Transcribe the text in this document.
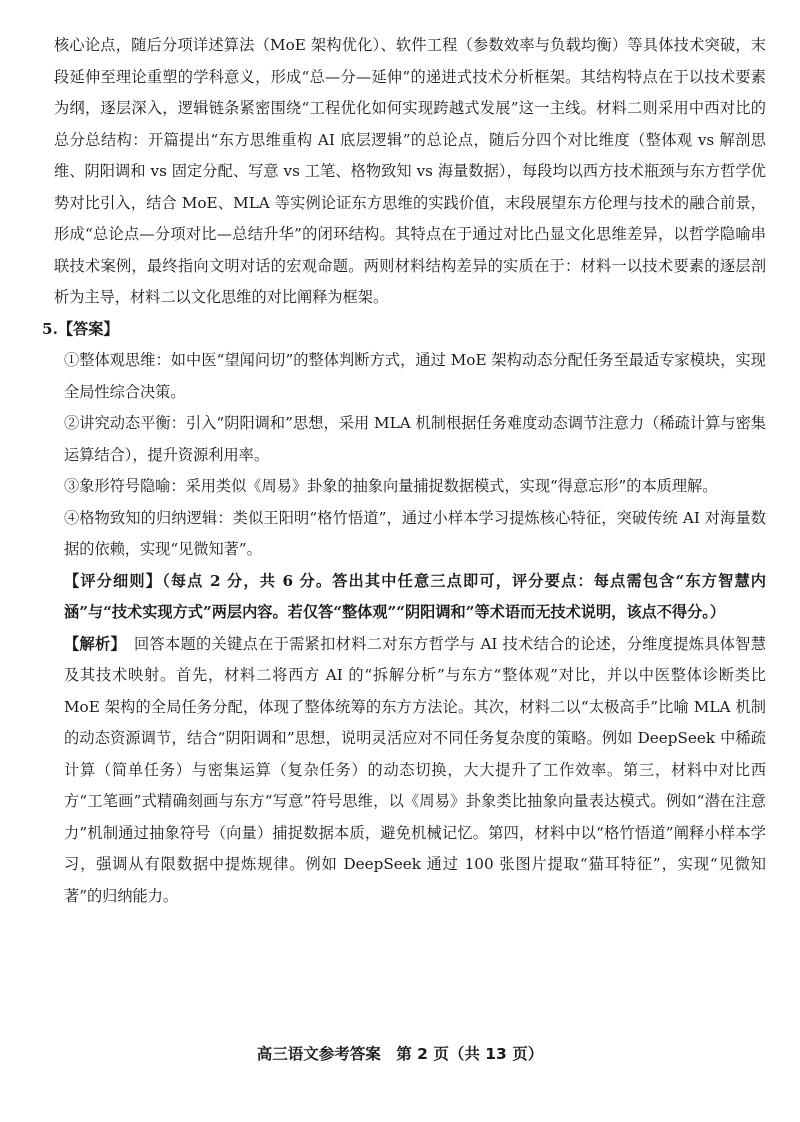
核心论点，随后分项详述算法（MoE 架构优化）、软件工程（参数效率与负载均衡）等具体技术突破，末段延伸至理论重塑的学科意义，形成“总—分—延伸”的递进式技术分析框架。其结构特点在于以技术要素为纲，逐层深入，逻辑链条紧密围绕“工程优化如何实现跨越式发展”这一主线。材料二则采用中西对比的总分总结构：开篇提出“东方思维重构 AI 底层逻辑”的总论点，随后分四个对比维度（整体观 vs 解剖思维、阴阳调和 vs 固定分配、写意 vs 工笔、格物致知 vs 海量数据），每段均以西方技术瓶颈与东方哲学优势对比引入，结合 MoE、MLA 等实例论证东方思维的实践价值，末段展望东方伦理与技术的融合前景，形成“总论点—分项对比—总结升华”的闭环结构。其特点在于通过对比凸显文化思维差异，以哲学隐喻串联技术案例，最终指向文明对话的宏观命题。两则材料结构差异的实质在于：材料一以技术要素的逐层剖析为主导，材料二以文化思维的对比阐释为框架。

5.【答案】

①整体观思维：如中医“望闻问切”的整体判断方式，通过 MoE 架构动态分配任务至最适专家模块，实现全局性综合决策。

②讲究动态平衡：引入“阴阳调和”思想，采用 MLA 机制根据任务难度动态调节注意力（稀疏计算与密集运算结合），提升资源利用率。

③象形符号隐喻：采用类似《周易》卦象的抽象向量捕捉数据模式，实现“得意忘形”的本质理解。

④格物致知的归纳逻辑：类似王阳明“格竹悟道”，通过小样本学习提炼核心特征，突破传统 AI 对海量数据的依赖，实现“见微知著”。

【评分细则】（每点 2 分，共 6 分。答出其中任意三点即可，评分要点：每点需包含“东方智慧内涵”与“技术实现方式”两层内容。若仅答“整体观”“阴阳调和”等术语而无技术说明，该点不得分。）

【解析】　 回答本题的关键点在于需紧扣材料二对东方哲学与 AI 技术结合的论述，分维度提炼具体智慧及其技术映射。首先，材料二将西方 AI 的“拆解分析”与东方“整体观”对比，并以中医整体诊断类比 MoE 架构的全局任务分配，体现了整体统筹的东方方法论。其次，材料二以“太极高手”比喻 MLA 机制的动态资源调节，结合“阴阳调和”思想，说明灵活应对不同任务复杂度的策略。例如 DeepSeek 中稀疏计算（简单任务）与密集运算（复杂任务）的动态切换，大大提升了工作效率。第三，材料中对比西方“工笔画”式精确刻画与东方“写意”符号思维，以《周易》卦象类比抽象向量表达模式。例如“潜在注意力”机制通过抽象符号（向量）捕捉数据本质，避免机械记忆。第四，材料中以“格竹悟道”阐释小样本学习，强调从有限数据中提炼规律。例如 DeepSeek 通过 100 张图片提取“猫耳特征”，实现“见微知著”的归纳能力。

高三语文参考答案　第 2 页（共 13 页）
